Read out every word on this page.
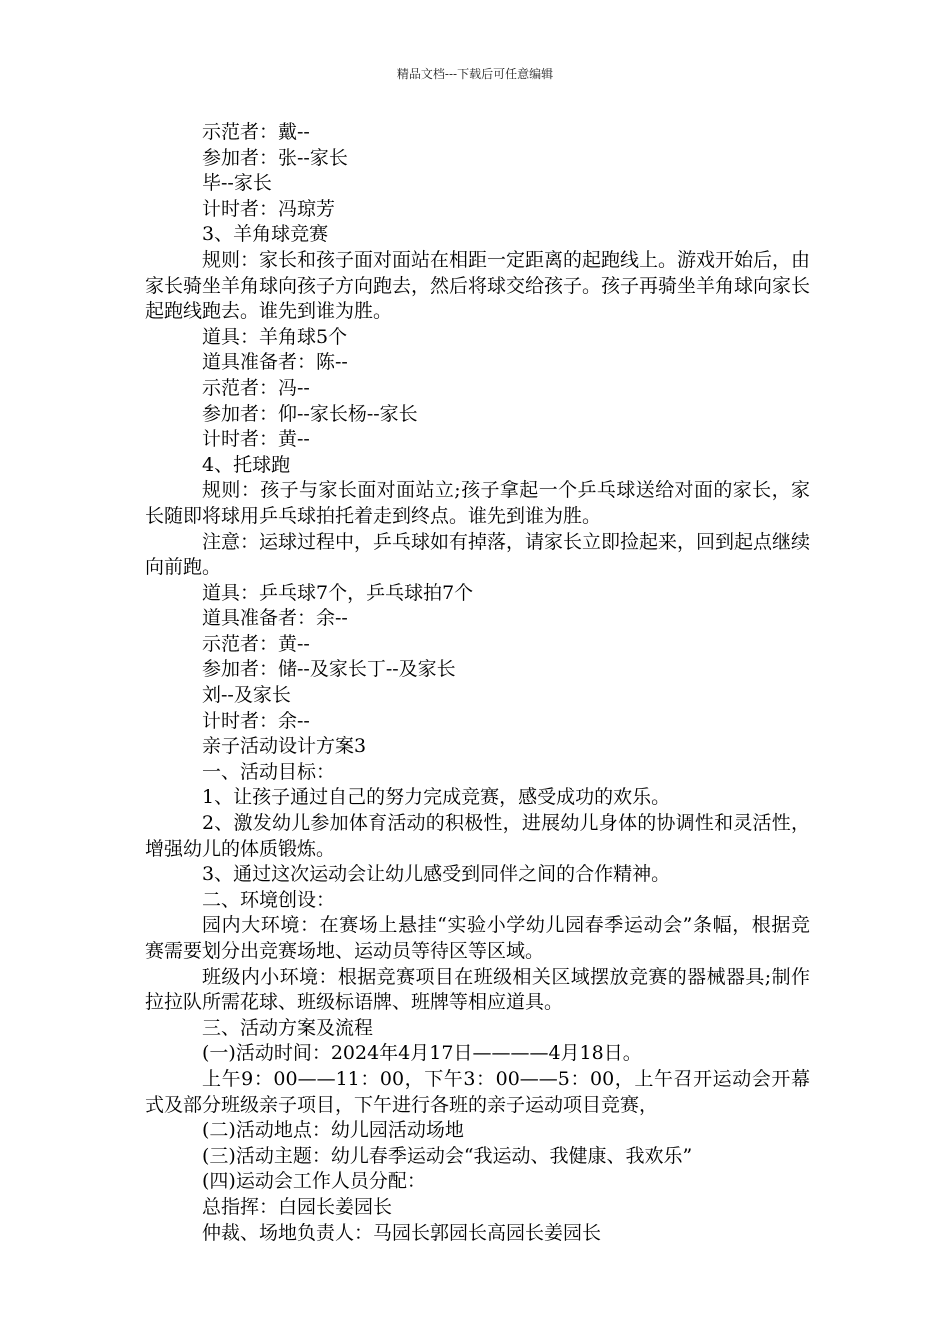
精品文档---下载后可任意编辑

示范者：戴--

参加者：张--家长

毕--家长

计时者：冯琼芳

3、羊角球竞赛

规则：家长和孩子面对面站在相距一定距离的起跑线上。游戏开始后，由家长骑坐羊角球向孩子方向跑去，然后将球交给孩子。孩子再骑坐羊角球向家长起跑线跑去。谁先到谁为胜。

道具：羊角球5个

道具准备者：陈--

示范者：冯--

参加者：仰--家长杨--家长

计时者：黄--

4、托球跑

规则：孩子与家长面对面站立;孩子拿起一个乒乓球送给对面的家长，家长随即将球用乒乓球拍托着走到终点。谁先到谁为胜。

注意：运球过程中，乒乓球如有掉落，请家长立即捡起来，回到起点继续向前跑。

道具：乒乓球7个，乒乓球拍7个

道具准备者：余--

示范者：黄--

参加者：储--及家长丁--及家长

刘--及家长

计时者：余--

亲子活动设计方案3

一、活动目标：

1、让孩子通过自己的努力完成竞赛，感受成功的欢乐。

2、激发幼儿参加体育活动的积极性，进展幼儿身体的协调性和灵活性，增强幼儿的体质锻炼。

3、通过这次运动会让幼儿感受到同伴之间的合作精神。

二、环境创设：

园内大环境：在赛场上悬挂“实验小学幼儿园春季运动会”条幅，根据竞赛需要划分出竞赛场地、运动员等待区等区域。

班级内小环境：根据竞赛项目在班级相关区域摆放竞赛的器械器具;制作拉拉队所需花球、班级标语牌、班牌等相应道具。

三、活动方案及流程

(一)活动时间：2024年4月17日————4月18日。

上午9：00——11：00，下午3：00——5：00，上午召开运动会开幕式及部分班级亲子项目，下午进行各班的亲子运动项目竞赛，

(二)活动地点：幼儿园活动场地

(三)活动主题：幼儿春季运动会“我运动、我健康、我欢乐”

(四)运动会工作人员分配：

总指挥：白园长姜园长

仲裁、场地负责人：马园长郭园长高园长姜园长
